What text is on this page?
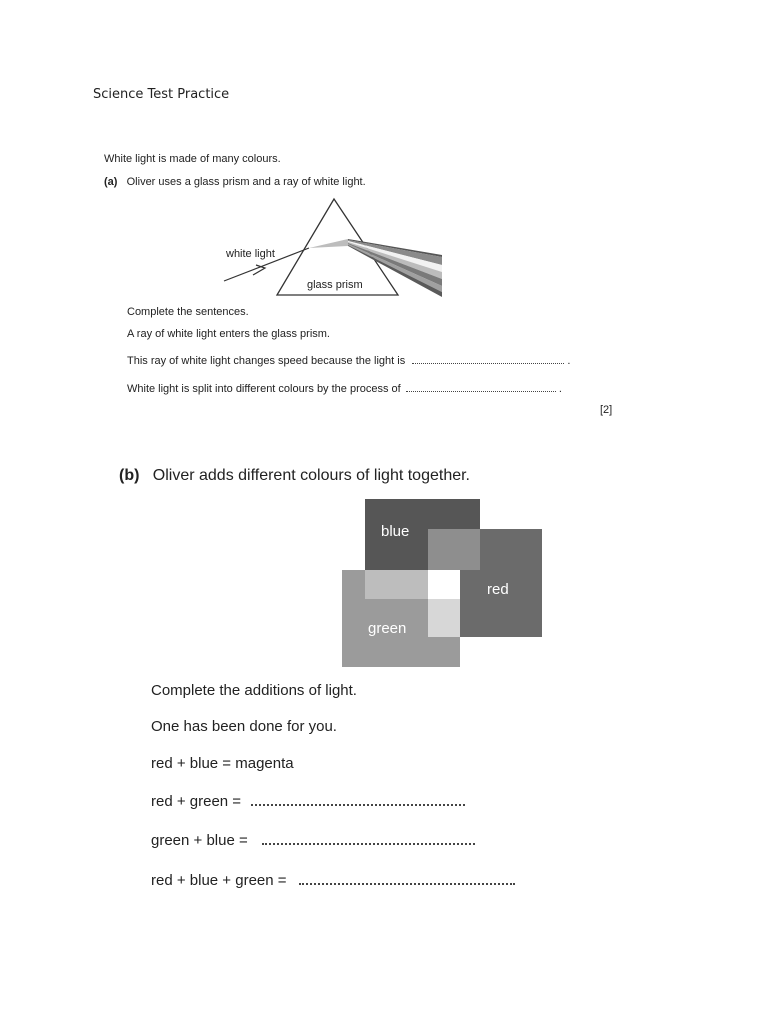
Science Test Practice
White light is made of many colours.
(a) Oliver uses a glass prism and a ray of white light.
white light
glass prism
Complete the sentences.
A ray of white light enters the glass prism.
This ray of white light changes speed because the light is	.
White light is split into different colours by the process of	.
[2]
(b) Oliver adds different colours of light together.
blue
red
green
Complete the additions of light.
One has been done for you.
red + blue = magenta
red + green =
green + blue =
red + blue + green =
